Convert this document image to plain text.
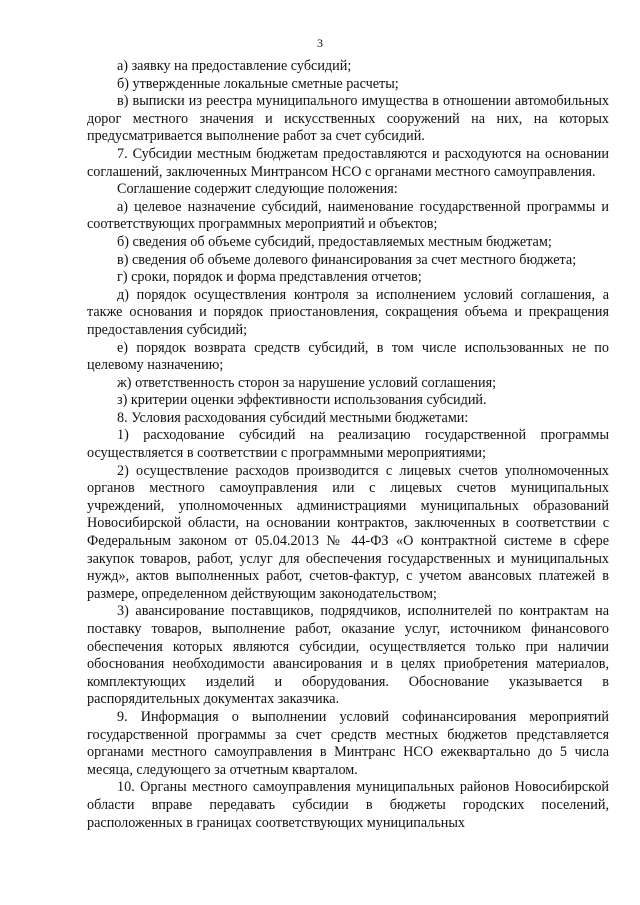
3

а) заявку на предоставление субсидий;

б) утвержденные локальные сметные расчеты;

в) выписки из реестра муниципального имущества в отношении автомобильных дорог местного значения и искусственных сооружений на них, на которых предусматривается выполнение работ за счет субсидий.

7. Субсидии местным бюджетам предоставляются и расходуются на основании соглашений, заключенных Минтрансом НСО с органами местного самоуправления.

Соглашение содержит следующие положения:

а) целевое назначение субсидий, наименование государственной программы и соответствующих программных мероприятий и объектов;

б) сведения об объеме субсидий, предоставляемых местным бюджетам;

в) сведения об объеме долевого финансирования за счет местного бюджета;

г) сроки, порядок и форма представления отчетов;

д) порядок осуществления контроля за исполнением условий соглашения, а также основания и порядок приостановления, сокращения объема и прекращения предоставления субсидий;

е) порядок возврата средств субсидий, в том числе использованных не по целевому назначению;

ж) ответственность сторон за нарушение условий соглашения;

з) критерии оценки эффективности использования субсидий.

8. Условия расходования субсидий местными бюджетами:

1) расходование субсидий на реализацию государственной программы осуществляется в соответствии с программными мероприятиями;

2) осуществление расходов производится с лицевых счетов уполномоченных органов местного самоуправления или с лицевых счетов муниципальных учреждений, уполномоченных администрациями муниципальных образований Новосибирской области, на основании контрактов, заключенных в соответствии с Федеральным законом от 05.04.2013 № 44-ФЗ «О контрактной системе в сфере закупок товаров, работ, услуг для обеспечения государственных и муниципальных нужд», актов выполненных работ, счетов-фактур, с учетом авансовых платежей в размере, определенном действующим законодательством;

3) авансирование поставщиков, подрядчиков, исполнителей по контрактам на поставку товаров, выполнение работ, оказание услуг, источником финансового обеспечения которых являются субсидии, осуществляется только при наличии обоснования необходимости авансирования и в целях приобретения материалов, комплектующих изделий и оборудования. Обоснование указывается в распорядительных документах заказчика.

9. Информация о выполнении условий софинансирования мероприятий государственной программы за счет средств местных бюджетов представляется органами местного самоуправления в Минтранс НСО ежеквартально до 5 числа месяца, следующего за отчетным кварталом.

10. Органы местного самоуправления муниципальных районов Новосибирской области вправе передавать субсидии в бюджеты городских поселений, расположенных в границах соответствующих муниципальных
